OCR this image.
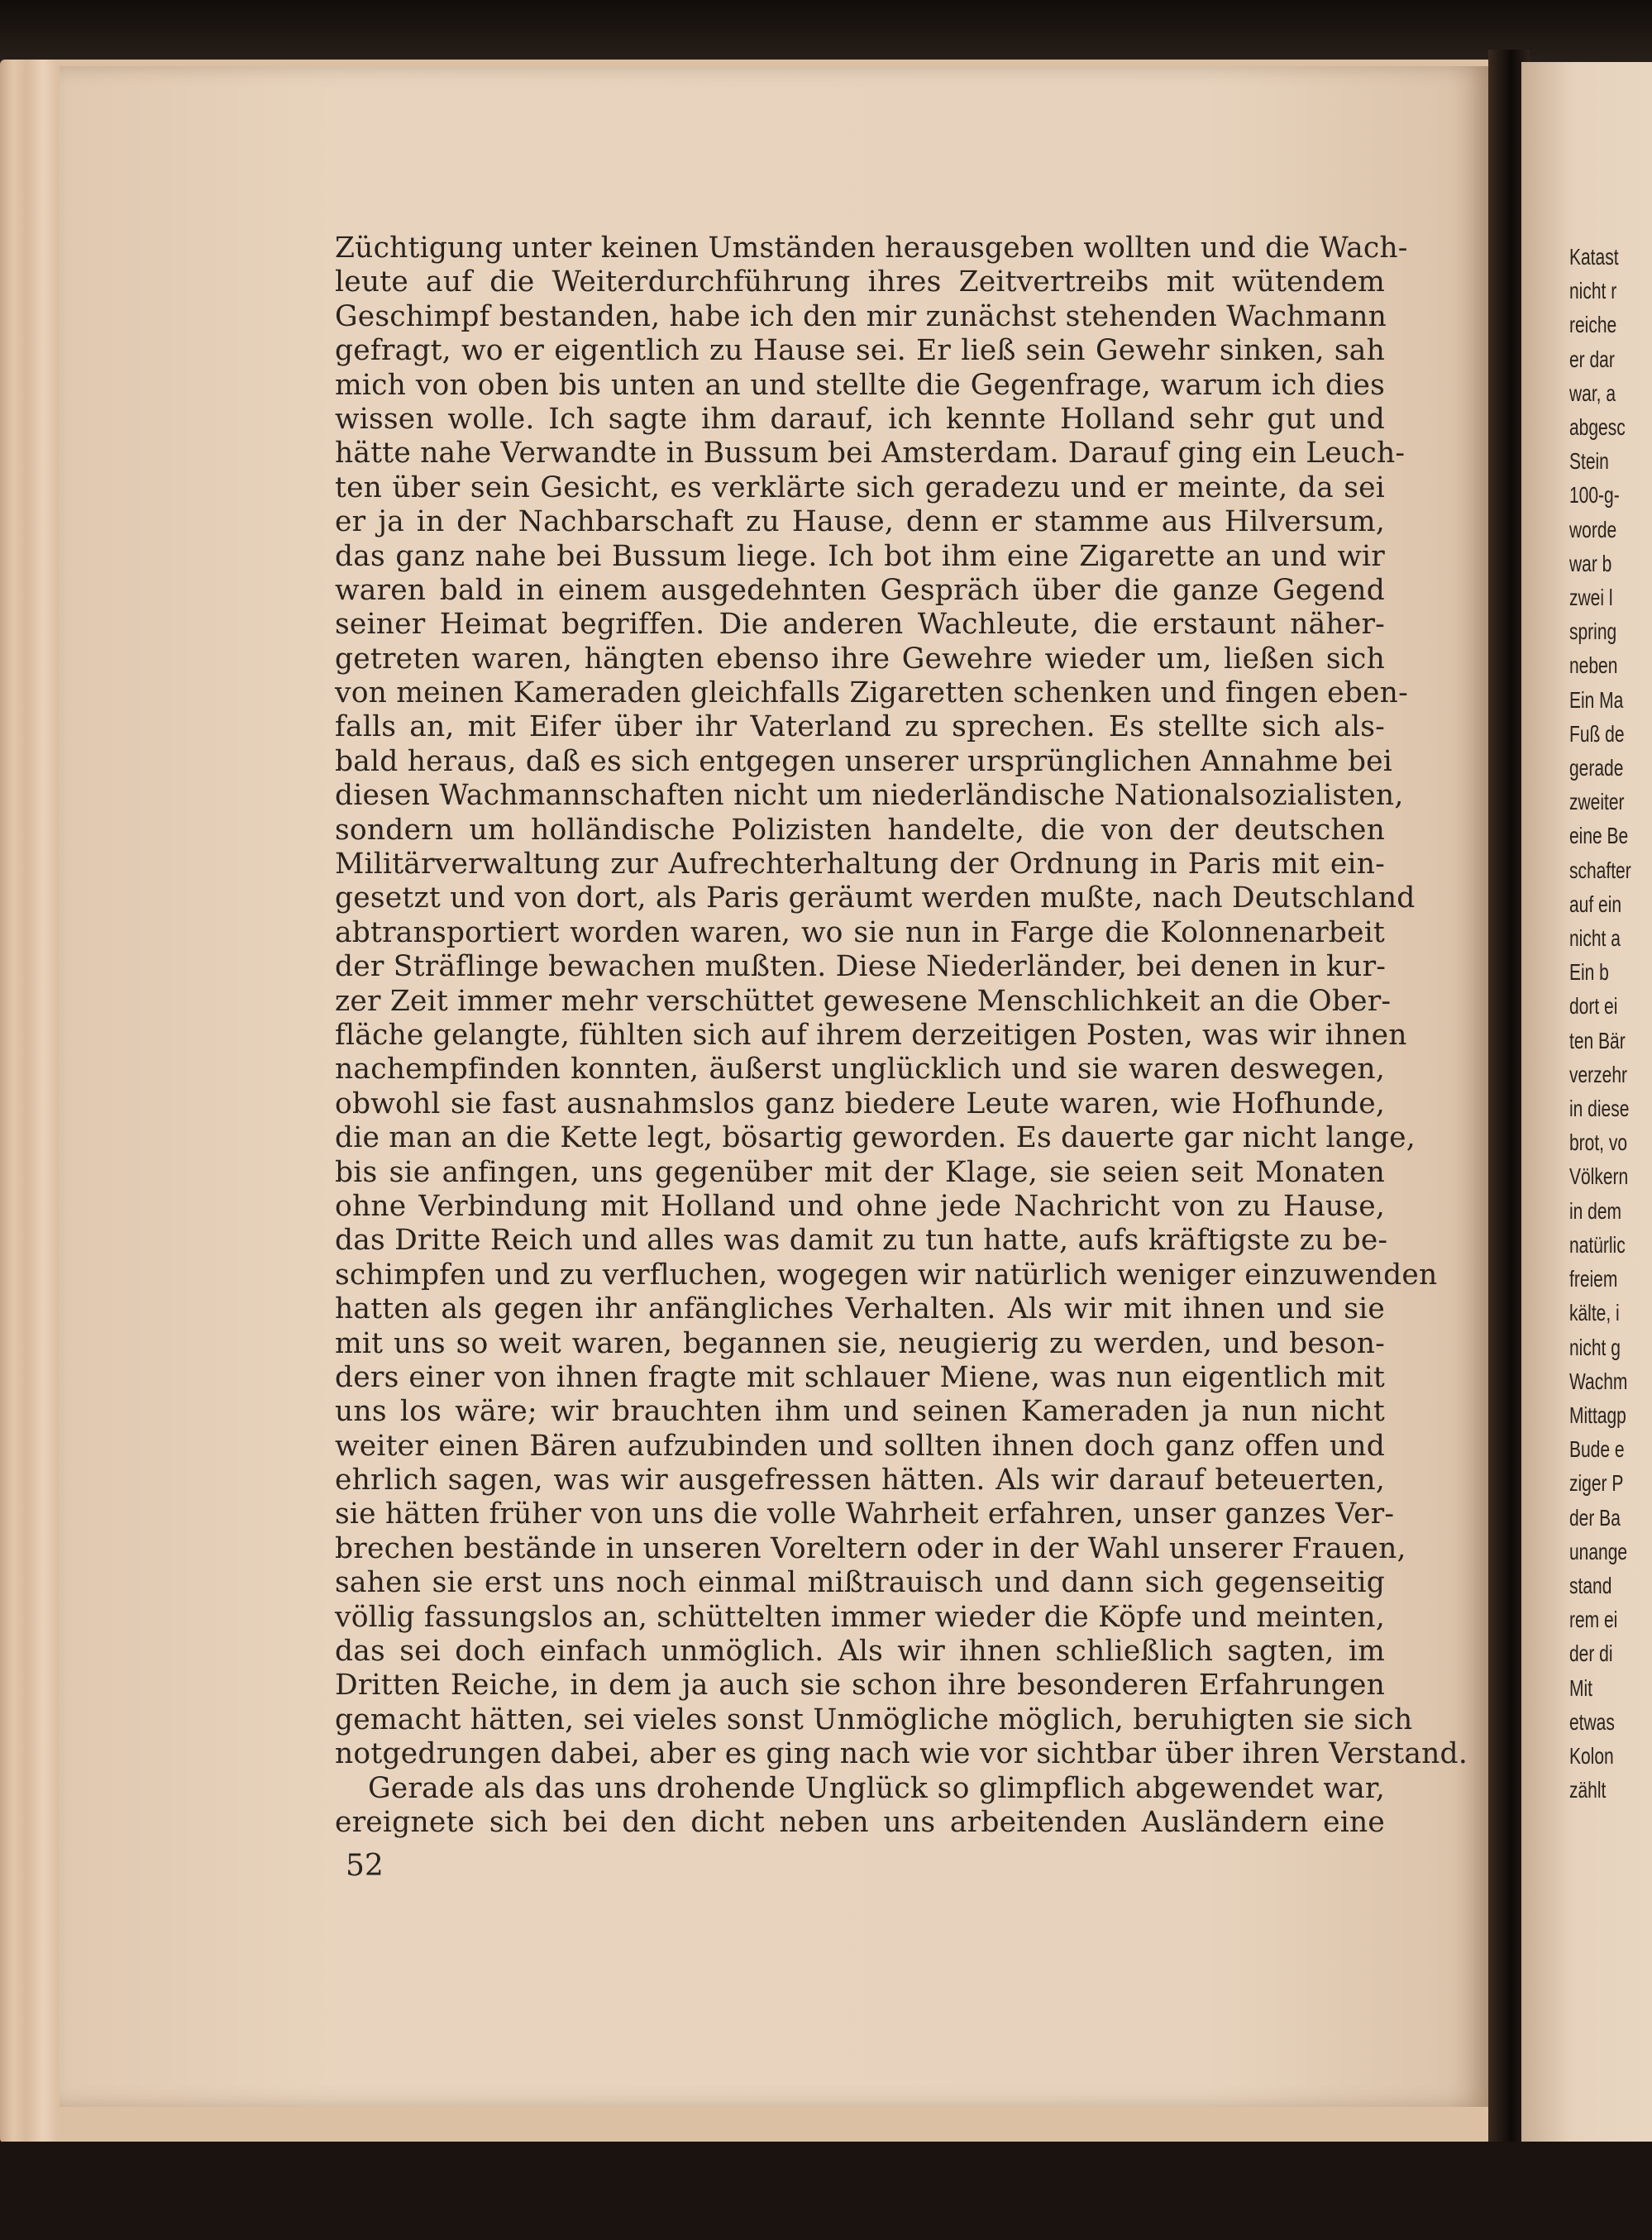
Züchtigung unter keinen Umständen herausgeben wollten und die Wach-
leute auf die Weiterdurchführung ihres Zeitvertreibs mit wütendem
Geschimpf bestanden, habe ich den mir zunächst stehenden Wachmann
gefragt, wo er eigentlich zu Hause sei. Er ließ sein Gewehr sinken, sah
mich von oben bis unten an und stellte die Gegenfrage, warum ich dies
wissen wolle. Ich sagte ihm darauf, ich kennte Holland sehr gut und
hätte nahe Verwandte in Bussum bei Amsterdam. Darauf ging ein Leuch-
ten über sein Gesicht, es verklärte sich geradezu und er meinte, da sei
er ja in der Nachbarschaft zu Hause, denn er stamme aus Hilversum,
das ganz nahe bei Bussum liege. Ich bot ihm eine Zigarette an und wir
waren bald in einem ausgedehnten Gespräch über die ganze Gegend
seiner Heimat begriffen. Die anderen Wachleute, die erstaunt näher-
getreten waren, hängten ebenso ihre Gewehre wieder um, ließen sich
von meinen Kameraden gleichfalls Zigaretten schenken und fingen eben-
falls an, mit Eifer über ihr Vaterland zu sprechen. Es stellte sich als-
bald heraus, daß es sich entgegen unserer ursprünglichen Annahme bei
diesen Wachmannschaften nicht um niederländische Nationalsozialisten,
sondern um holländische Polizisten handelte, die von der deutschen
Militärverwaltung zur Aufrechterhaltung der Ordnung in Paris mit ein-
gesetzt und von dort, als Paris geräumt werden mußte, nach Deutschland
abtransportiert worden waren, wo sie nun in Farge die Kolonnenarbeit
der Sträflinge bewachen mußten. Diese Niederländer, bei denen in kur-
zer Zeit immer mehr verschüttet gewesene Menschlichkeit an die Ober-
fläche gelangte, fühlten sich auf ihrem derzeitigen Posten, was wir ihnen
nachempfinden konnten, äußerst unglücklich und sie waren deswegen,
obwohl sie fast ausnahmslos ganz biedere Leute waren, wie Hofhunde,
die man an die Kette legt, bösartig geworden. Es dauerte gar nicht lange,
bis sie anfingen, uns gegenüber mit der Klage, sie seien seit Monaten
ohne Verbindung mit Holland und ohne jede Nachricht von zu Hause,
das Dritte Reich und alles was damit zu tun hatte, aufs kräftigste zu be-
schimpfen und zu verfluchen, wogegen wir natürlich weniger einzuwenden
hatten als gegen ihr anfängliches Verhalten. Als wir mit ihnen und sie
mit uns so weit waren, begannen sie, neugierig zu werden, und beson-
ders einer von ihnen fragte mit schlauer Miene, was nun eigentlich mit
uns los wäre; wir brauchten ihm und seinen Kameraden ja nun nicht
weiter einen Bären aufzubinden und sollten ihnen doch ganz offen und
ehrlich sagen, was wir ausgefressen hätten. Als wir darauf beteuerten,
sie hätten früher von uns die volle Wahrheit erfahren, unser ganzes Ver-
brechen bestände in unseren Voreltern oder in der Wahl unserer Frauen,
sahen sie erst uns noch einmal mißtrauisch und dann sich gegenseitig
völlig fassungslos an, schüttelten immer wieder die Köpfe und meinten,
das sei doch einfach unmöglich. Als wir ihnen schließlich sagten, im
Dritten Reiche, in dem ja auch sie schon ihre besonderen Erfahrungen
gemacht hätten, sei vieles sonst Unmögliche möglich, beruhigten sie sich
notgedrungen dabei, aber es ging nach wie vor sichtbar über ihren Verstand.
Gerade als das uns drohende Unglück so glimpflich abgewendet war,
ereignete sich bei den dicht neben uns arbeitenden Ausländern eine
52
Katast
nicht r
reiche
er dar
war, a
abgesc
Stein
100-g-
worde
war b
zwei l
spring
neben
Ein Ma
Fuß de
gerade
zweiter
eine Be
schafter
auf ein
nicht a
Ein b
dort ei
ten Bär
verzehr
in diese
brot, vo
Völkern
in dem
natürlic
freiem
kälte, i
nicht g
Wachm
Mittagp
Bude e
ziger P
der Ba
unange
stand
rem ei
der di
Mit
etwas
Kolon
zählt
